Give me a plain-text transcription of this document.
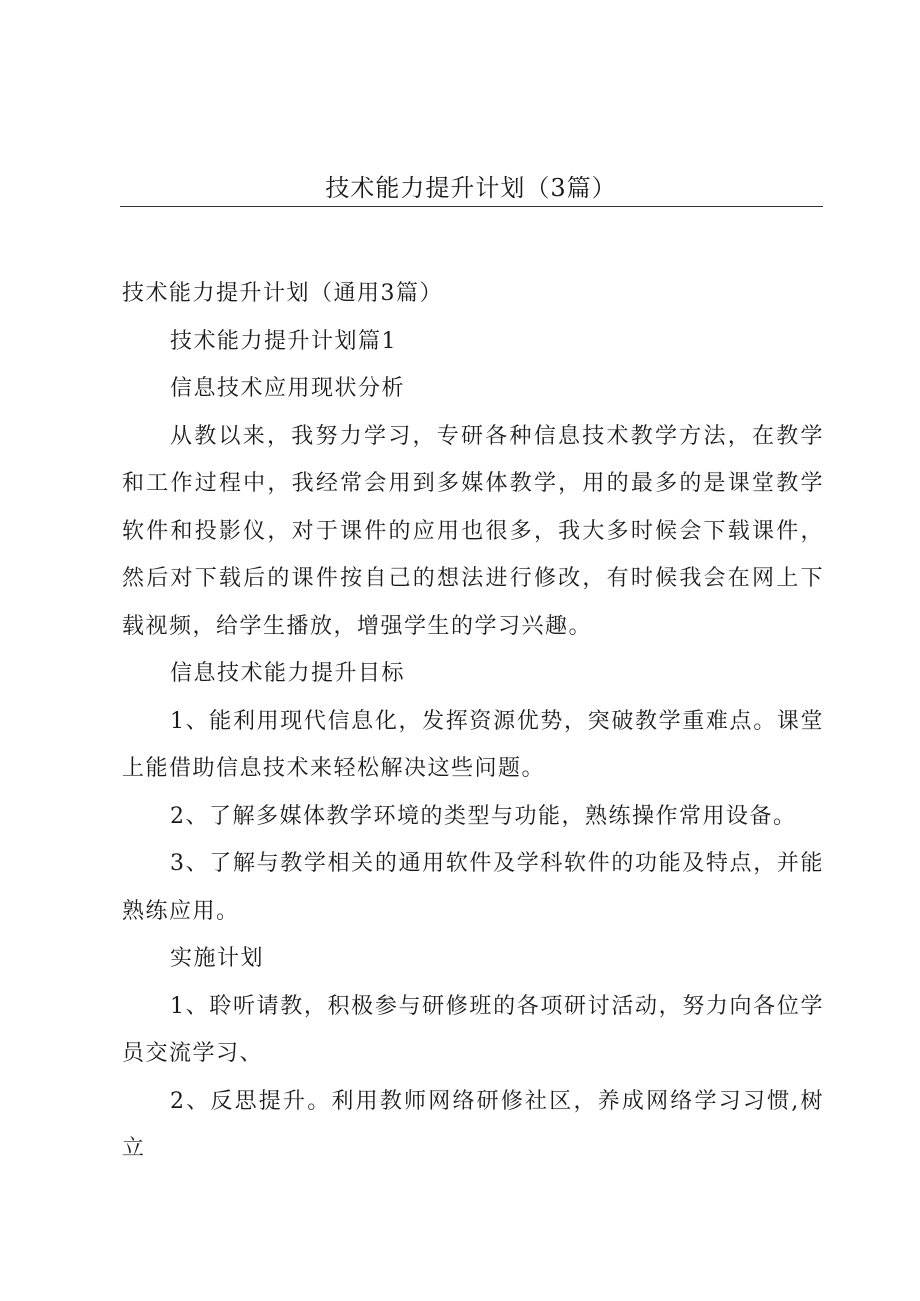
技术能力提升计划（3篇）

技术能力提升计划（通用3篇）

技术能力提升计划篇1

信息技术应用现状分析

从教以来，我努力学习，专研各种信息技术教学方法，在教学和工作过程中，我经常会用到多媒体教学，用的最多的是课堂教学软件和投影仪，对于课件的应用也很多，我大多时候会下载课件，然后对下载后的课件按自己的想法进行修改，有时候我会在网上下载视频，给学生播放，增强学生的学习兴趣。

信息技术能力提升目标

1、能利用现代信息化，发挥资源优势，突破教学重难点。课堂上能借助信息技术来轻松解决这些问题。

2、了解多媒体教学环境的类型与功能，熟练操作常用设备。

3、了解与教学相关的通用软件及学科软件的功能及特点，并能熟练应用。

实施计划

1、聆听请教，积极参与研修班的各项研讨活动，努力向各位学员交流学习、

2、反思提升。利用教师网络研修社区，养成网络学习习惯,树立
